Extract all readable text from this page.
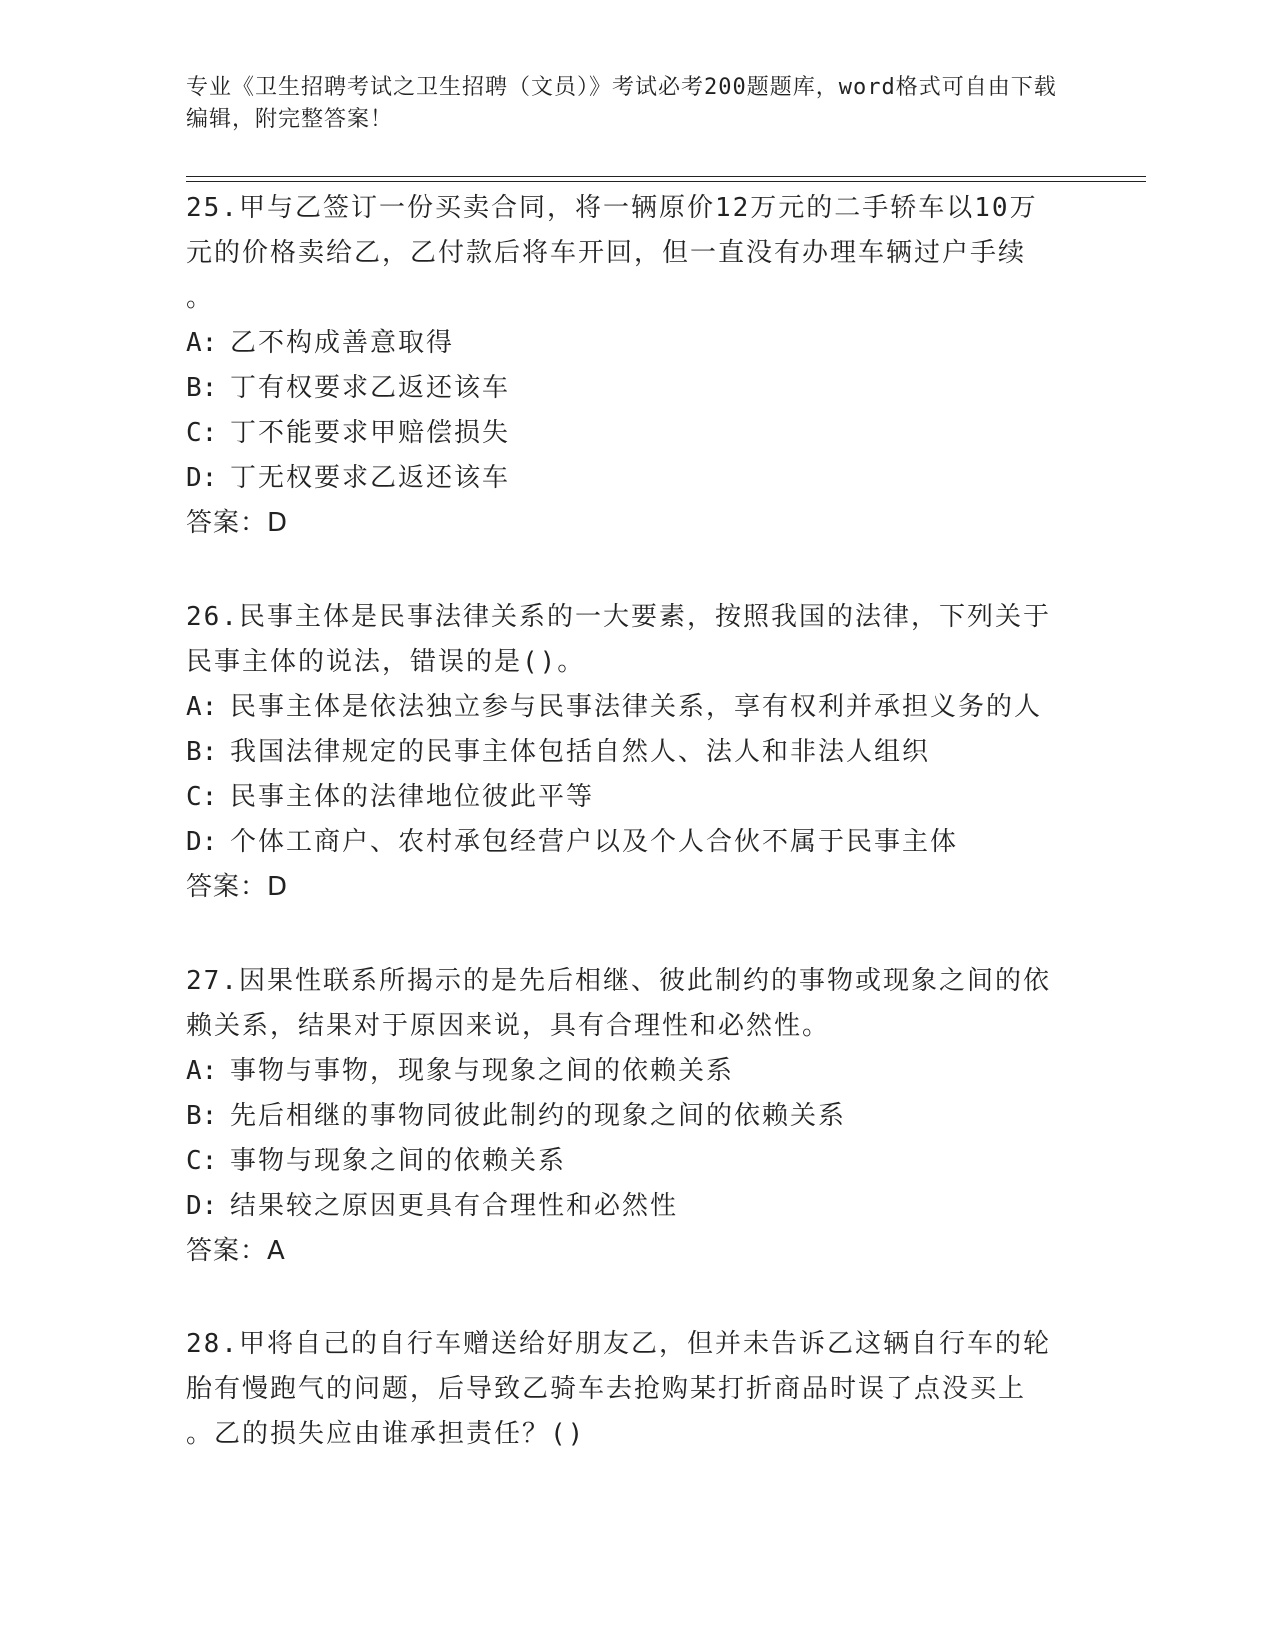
专业《卫生招聘考试之卫生招聘（文员）》考试必考200题题库，word格式可自由下载编辑，附完整答案！
25.甲与乙签订一份买卖合同，将一辆原价12万元的二手轿车以10万
元的价格卖给乙，乙付款后将车开回，但一直没有办理车辆过户手续
。
A: 乙不构成善意取得
B: 丁有权要求乙返还该车
C: 丁不能要求甲赔偿损失
D: 丁无权要求乙返还该车
答案：D
26.民事主体是民事法律关系的一大要素，按照我国的法律，下列关于
民事主体的说法，错误的是()。
A: 民事主体是依法独立参与民事法律关系，享有权利并承担义务的人
B: 我国法律规定的民事主体包括自然人、法人和非法人组织
C: 民事主体的法律地位彼此平等
D: 个体工商户、农村承包经营户以及个人合伙不属于民事主体
答案：D
27.因果性联系所揭示的是先后相继、彼此制约的事物或现象之间的依
赖关系，结果对于原因来说，具有合理性和必然性。
A: 事物与事物，现象与现象之间的依赖关系
B: 先后相继的事物同彼此制约的现象之间的依赖关系
C: 事物与现象之间的依赖关系
D: 结果较之原因更具有合理性和必然性
答案：A
28.甲将自己的自行车赠送给好朋友乙，但并未告诉乙这辆自行车的轮
胎有慢跑气的问题，后导致乙骑车去抢购某打折商品时误了点没买上
。乙的损失应由谁承担责任？()
